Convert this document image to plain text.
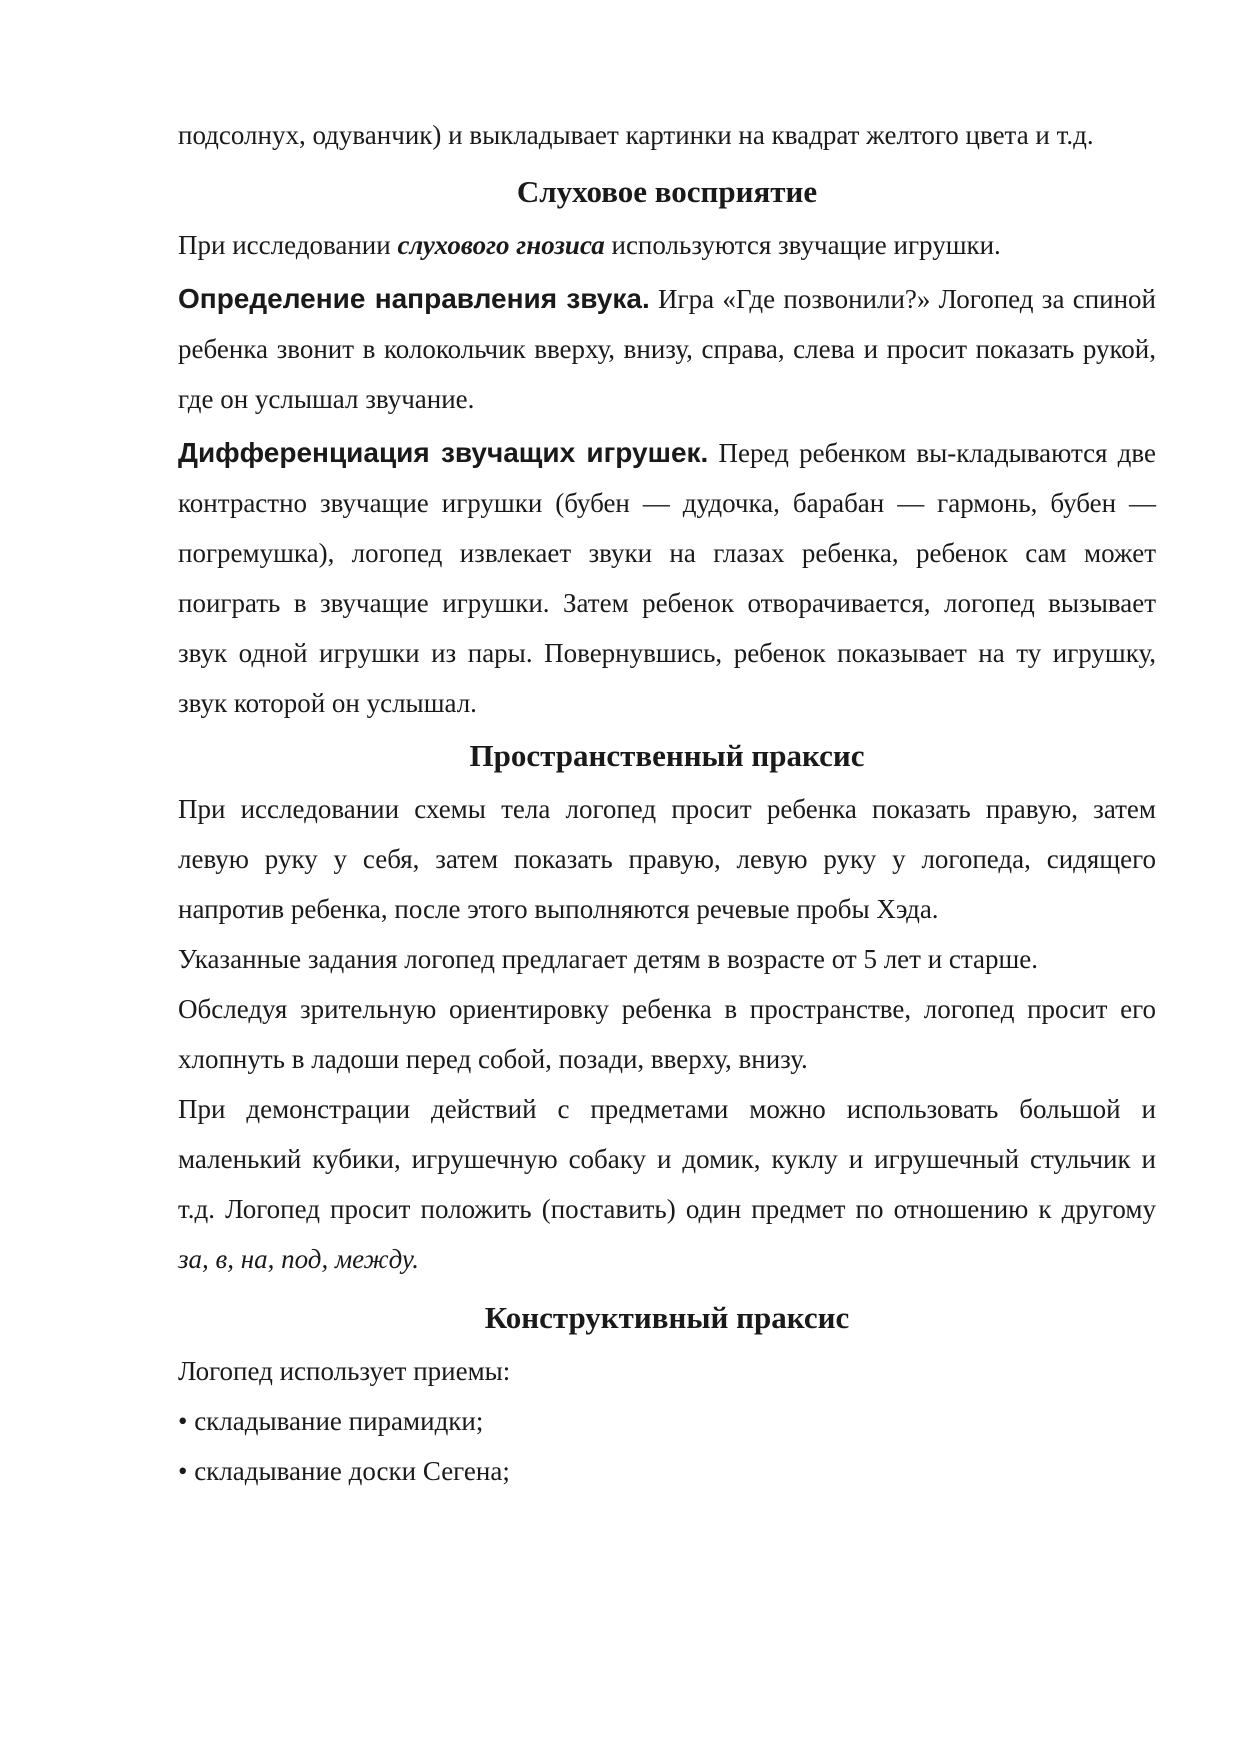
подсолнух, одуванчик) и выкладывает картинки на квадрат желтого цвета и т.д.

Слуховое восприятие

При исследовании слухового гнозиса используются звучащие игрушки.

Определение направления звука. Игра «Где позвонили?» Логопед за спиной ребенка звонит в колокольчик вверху, внизу, справа, слева и просит показать рукой, где он услышал звучание.

Дифференциация звучащих игрушек. Перед ребенком вы-кладываются две контрастно звучащие игрушки (бубен — дудочка, барабан — гармонь, бубен — погремушка), логопед извлекает звуки на глазах ребенка, ребенок сам может поиграть в звучащие игрушки. Затем ребенок отворачивается, логопед вызывает звук одной игрушки из пары. Повернувшись, ребенок показывает на ту игрушку, звук которой он услышал.

Пространственный праксис

При исследовании схемы тела логопед просит ребенка показать правую, затем левую руку у себя, затем показать правую, левую руку у логопеда, сидящего напротив ребенка, после этого выполняются речевые пробы Хэда.

Указанные задания логопед предлагает детям в возрасте от 5 лет и старше.

Обследуя зрительную ориентировку ребенка в пространстве, логопед просит его хлопнуть в ладоши перед собой, позади, вверху, внизу.

При демонстрации действий с предметами можно использовать большой и маленький кубики, игрушечную собаку и домик, куклу и игрушечный стульчик и т.д. Логопед просит положить (поставить) один предмет по отношению к другому за, в, на, под, между.

Конструктивный праксис

Логопед использует приемы:

• складывание пирамидки;

• складывание доски Сегена;
